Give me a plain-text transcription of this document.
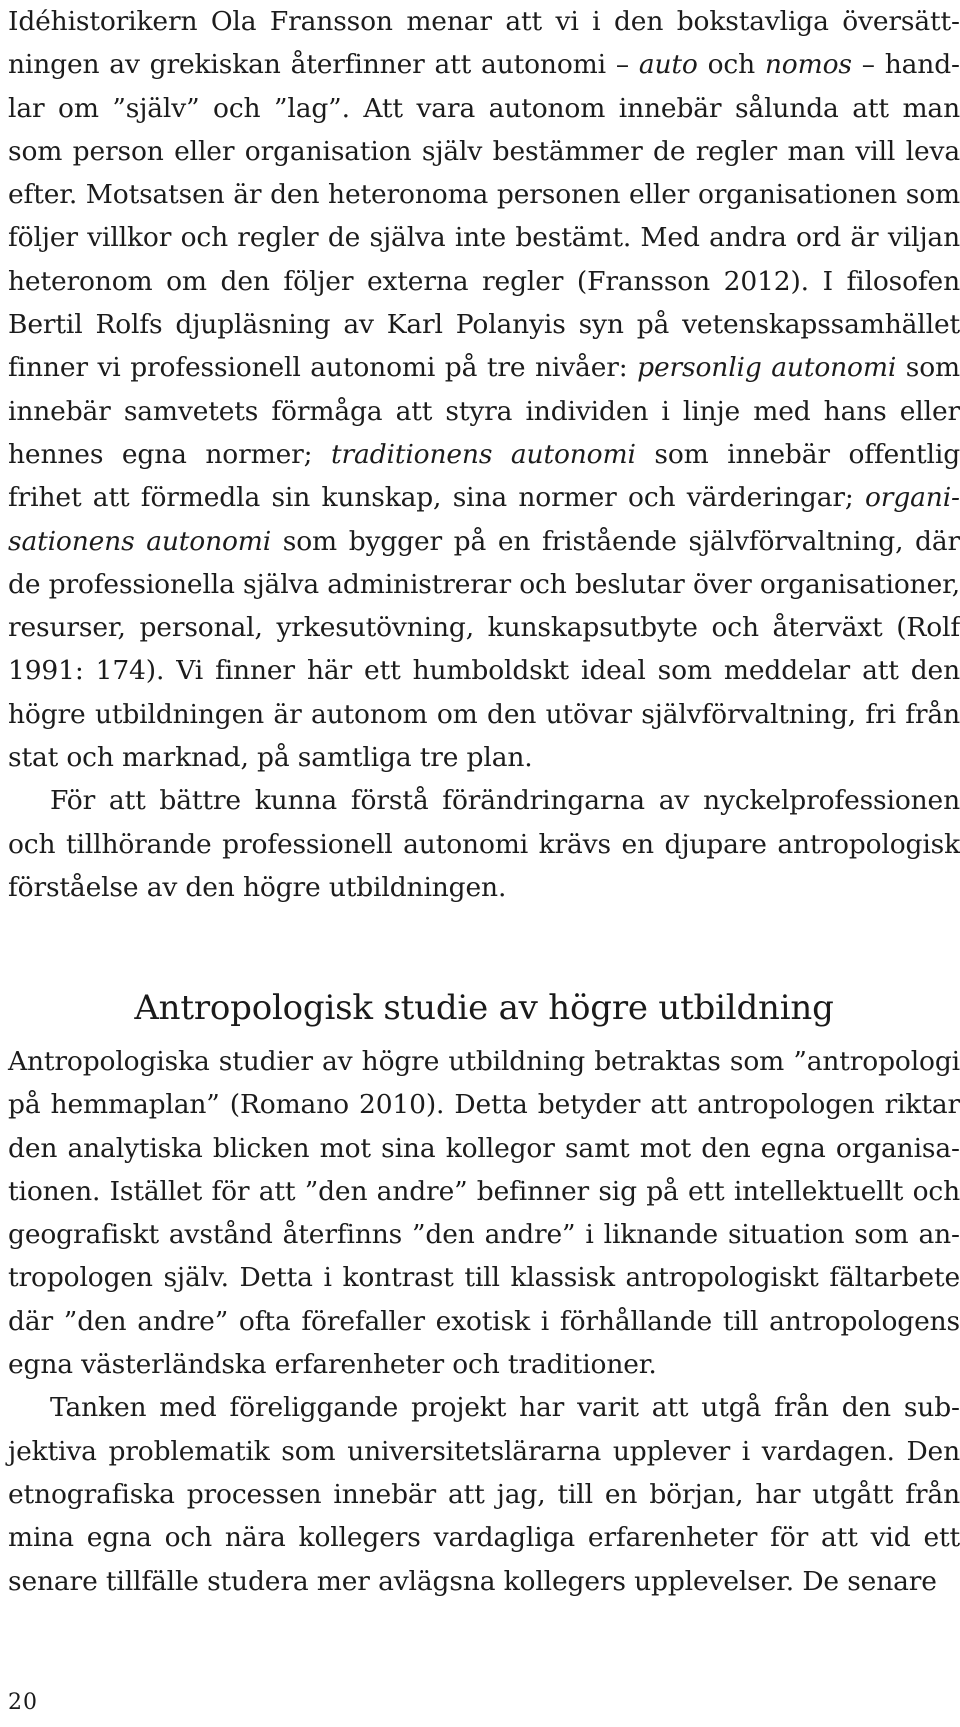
Idéhistorikern Ola Fransson menar att vi i den bokstavliga översättningen av grekiskan återfinner att autonomi – auto och nomos – handlar om ”själv” och ”lag”. Att vara autonom innebär sålunda att man som person eller organisation själv bestämmer de regler man vill leva efter. Motsatsen är den heteronoma personen eller organisationen som följer villkor och regler de själva inte bestämt. Med andra ord är viljan heteronom om den följer externa regler (Fransson 2012). I filosofen Bertil Rolfs djupläsning av Karl Polanyis syn på vetenskapssamhället finner vi professionell autonomi på tre nivåer: personlig autonomi som innebär samvetets förmåga att styra individen i linje med hans eller hennes egna normer; traditionens autonomi som innebär offentlig frihet att förmedla sin kunskap, sina normer och värderingar; organisationens autonomi som bygger på en fristående självförvaltning, där de professionella själva administrerar och beslutar över organisationer, resurser, personal, yrkesutövning, kunskapsutbyte och återväxt (Rolf 1991: 174). Vi finner här ett humboldskt ideal som meddelar att den högre utbildningen är autonom om den utövar självförvaltning, fri från stat och marknad, på samtliga tre plan.

För att bättre kunna förstå förändringarna av nyckelprofessionen och tillhörande professionell autonomi krävs en djupare antropologisk förståelse av den högre utbildningen.

Antropologisk studie av högre utbildning

Antropologiska studier av högre utbildning betraktas som ”antropologi på hemmaplan” (Romano 2010). Detta betyder att antropologen riktar den analytiska blicken mot sina kollegor samt mot den egna organisationen. Istället för att ”den andre” befinner sig på ett intellektuellt och geografiskt avstånd återfinns ”den andre” i liknande situation som antropologen själv. Detta i kontrast till klassisk antropologiskt fältarbete där ”den andre” ofta förefaller exotisk i förhållande till antropologens egna västerländska erfarenheter och traditioner.

Tanken med föreliggande projekt har varit att utgå från den subjektiva problematik som universitetslärarna upplever i vardagen. Den etnografiska processen innebär att jag, till en början, har utgått från mina egna och nära kollegers vardagliga erfarenheter för att vid ett senare tillfälle studera mer avlägsna kollegers upplevelser. De senare

20
